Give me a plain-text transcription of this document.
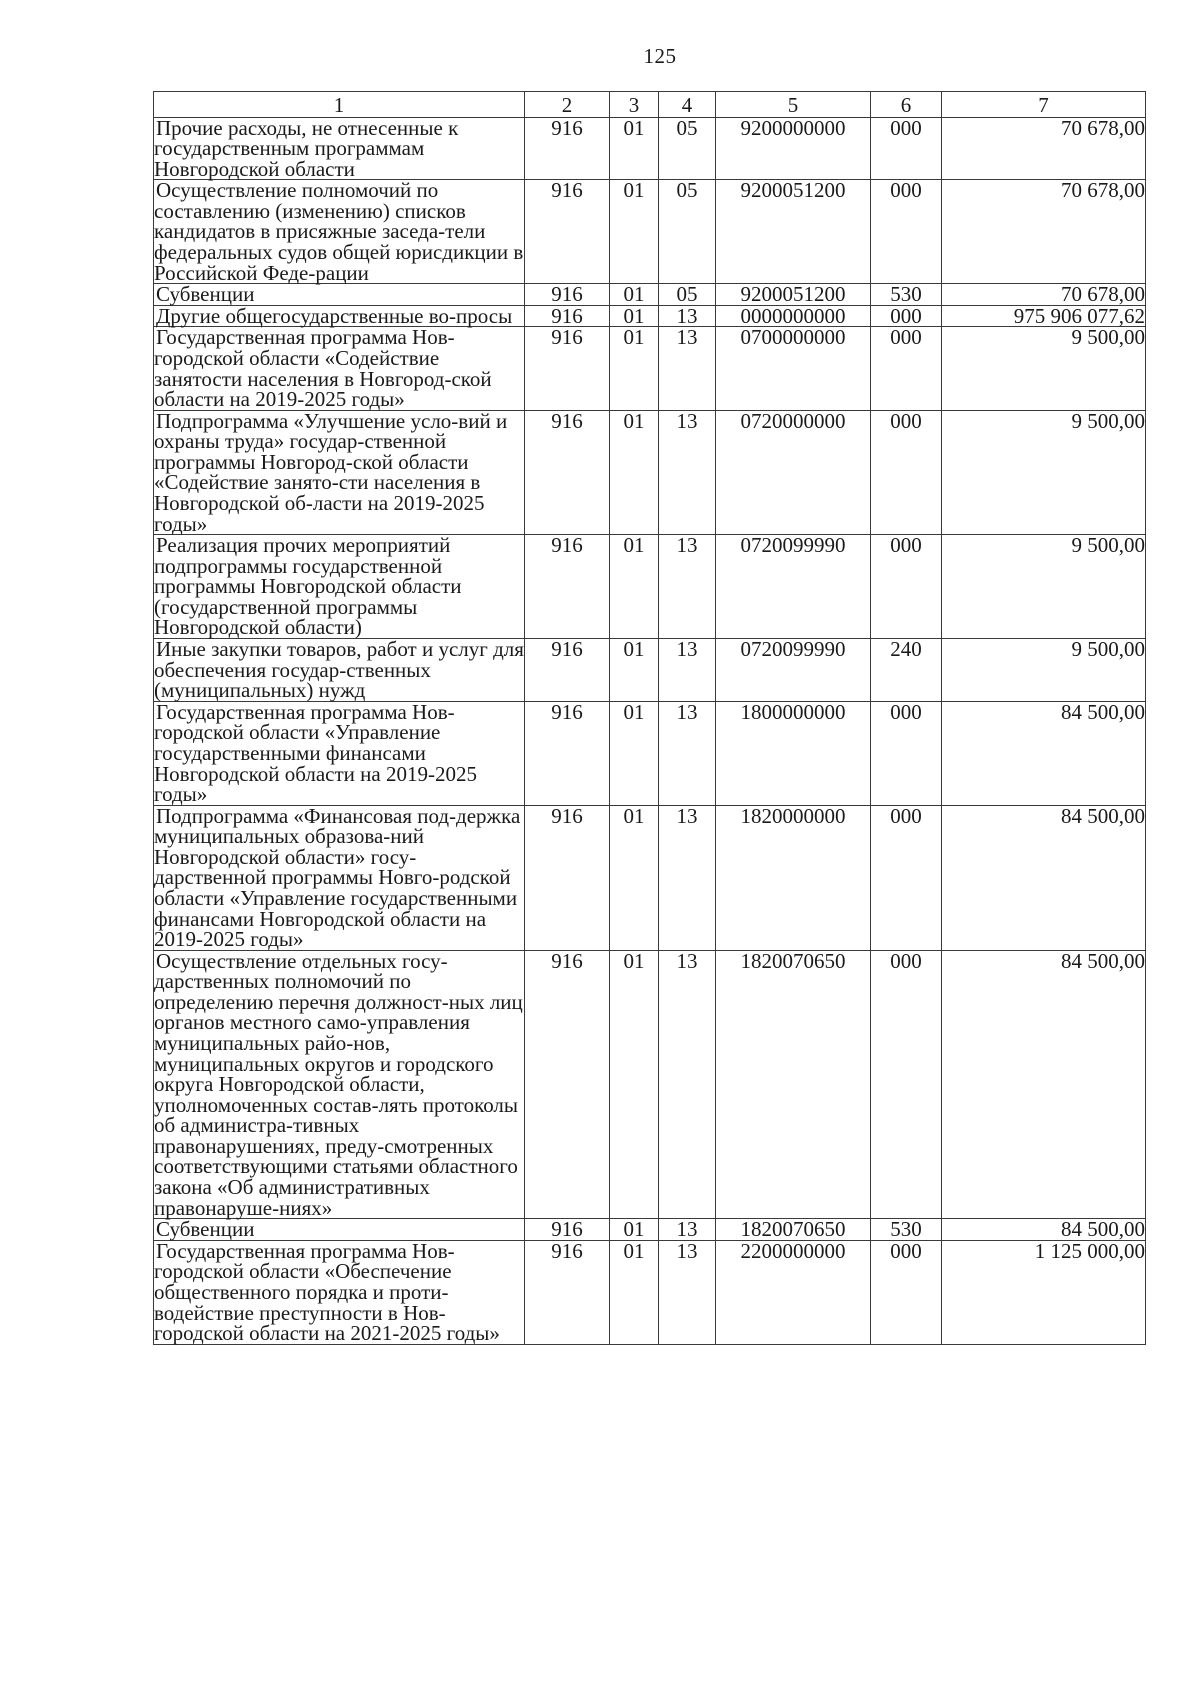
125
1	2	3	4	5	6	7
Прочие расходы, не отнесенные к государственным программам Новгородской области	916	01	05	9200000000	000	70 678,00
Осуществление полномочий по составлению (изменению) списков кандидатов в присяжные заседа-тели федеральных судов общей юрисдикции в Российской Феде-рации	916	01	05	9200051200	000	70 678,00
Субвенции	916	01	05	9200051200	530	70 678,00
Другие общегосударственные во-просы	916	01	13	0000000000	000	975 906 077,62
Государственная программа Нов-городской области «Содействие занятости населения в Новгород-ской области на 2019-2025 годы»	916	01	13	0700000000	000	9 500,00
Подпрограмма «Улучшение усло-вий и охраны труда» государ-ственной программы Новгород-ской области «Содействие занято-сти населения в Новгородской об-ласти на 2019-2025 годы»	916	01	13	0720000000	000	9 500,00
Реализация прочих мероприятий подпрограммы государственной программы Новгородской области (государственной программы Новгородской области)	916	01	13	0720099990	000	9 500,00
Иные закупки товаров, работ и услуг для обеспечения государ-ственных (муниципальных) нужд	916	01	13	0720099990	240	9 500,00
Государственная программа Нов-городской области «Управление государственными финансами Новгородской области на 2019-2025 годы»	916	01	13	1800000000	000	84 500,00
Подпрограмма «Финансовая под-держка муниципальных образова-ний Новгородской области» госу-дарственной программы Новго-родской области «Управление государственными финансами Новгородской области на 2019-2025 годы»	916	01	13	1820000000	000	84 500,00
Осуществление отдельных госу-дарственных полномочий по определению перечня должност-ных лиц органов местного само-управления муниципальных райо-нов, муниципальных округов и городского округа Новгородской области, уполномоченных состав-лять протоколы об администра-тивных правонарушениях, преду-смотренных соответствующими статьями областного закона «Об административных правонаруше-ниях»	916	01	13	1820070650	000	84 500,00
Субвенции	916	01	13	1820070650	530	84 500,00
Государственная программа Нов-городской области «Обеспечение общественного порядка и проти-водействие преступности в Нов-городской области на 2021-2025 годы»	916	01	13	2200000000	000	1 125 000,00
